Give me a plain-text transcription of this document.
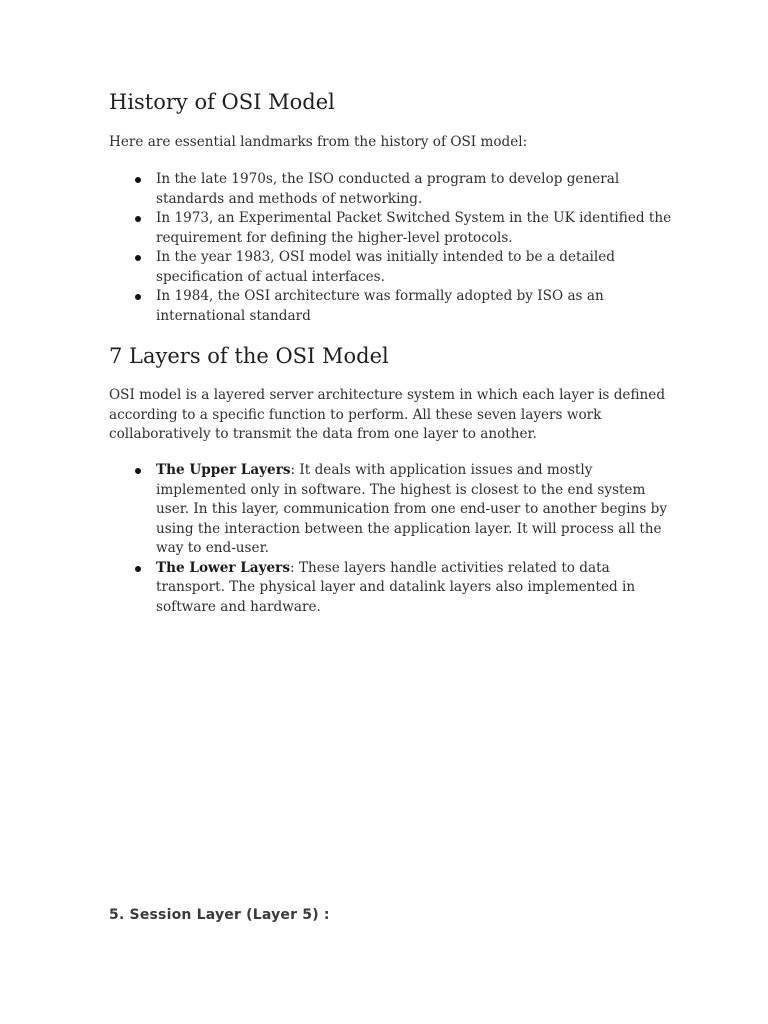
History of OSI Model

Here are essential landmarks from the history of OSI model:

In the late 1970s, the ISO conducted a program to develop general standards and methods of networking.
In 1973, an Experimental Packet Switched System in the UK identified the requirement for defining the higher-level protocols.
In the year 1983, OSI model was initially intended to be a detailed specification of actual interfaces.
In 1984, the OSI architecture was formally adopted by ISO as an international standard
7 Layers of the OSI Model

OSI model is a layered server architecture system in which each layer is defined according to a specific function to perform. All these seven layers work collaboratively to transmit the data from one layer to another.

The Upper Layers: It deals with application issues and mostly implemented only in software. The highest is closest to the end system user. In this layer, communication from one end-user to another begins by using the interaction between the application layer. It will process all the way to end-user.
The Lower Layers: These layers handle activities related to data transport. The physical layer and datalink layers also implemented in software and hardware.
5. Session Layer (Layer 5) :
